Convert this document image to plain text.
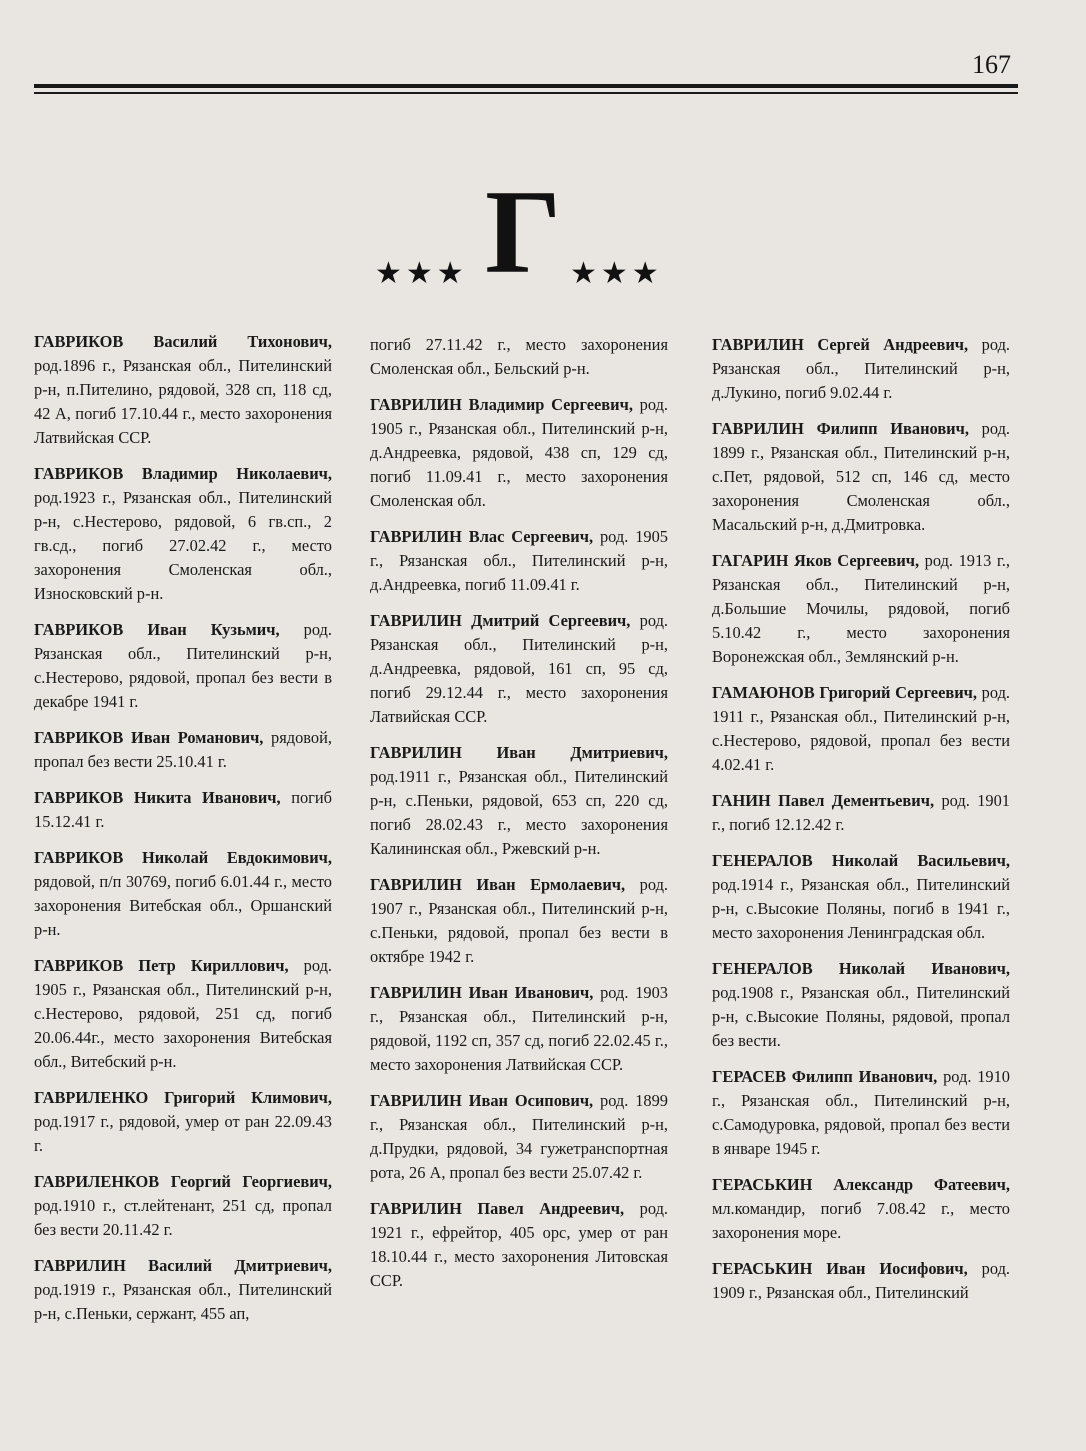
167
★★★ Г ★★★

ГАВРИКОВ Василий Тихонович, род.1896 г., Рязанская обл., Пителинский р-н, п.Пителино, рядовой, 328 сп, 118 сд, 42 А, погиб 17.10.44 г., место захоронения Латвийская ССР.

ГАВРИКОВ Владимир Николаевич, род.1923 г., Рязанская обл., Пителинский р-н, с.Нестерово, рядовой, 6 гв.сп., 2 гв.сд., погиб 27.02.42 г., место захоронения Смоленская обл., Износковский р-н.

ГАВРИКОВ Иван Кузьмич, род. Рязанская обл., Пителинский р-н, с.Нестерово, рядовой, пропал без вести в декабре 1941 г.

ГАВРИКОВ Иван Романович, рядовой, пропал без вести 25.10.41 г.

ГАВРИКОВ Никита Иванович, погиб 15.12.41 г.

ГАВРИКОВ Николай Евдокимович, рядовой, п/п 30769, погиб 6.01.44 г., место захоронения Витебская обл., Оршанский р-н.

ГАВРИКОВ Петр Кириллович, род. 1905 г., Рязанская обл., Пителинский р-н, с.Нестерово, рядовой, 251 сд, погиб 20.06.44г., место захоронения Витебская обл., Витебский р-н.

ГАВРИЛЕНКО Григорий Климович, род.1917 г., рядовой, умер от ран 22.09.43 г.

ГАВРИЛЕНКОВ Георгий Георгиевич, род.1910 г., ст.лейтенант, 251 сд, пропал без вести 20.11.42 г.

ГАВРИЛИН Василий Дмитриевич, род.1919 г., Рязанская обл., Пителинский р-н, с.Пеньки, сержант, 455 ап,

погиб 27.11.42 г., место захоронения Смоленская обл., Бельский р-н.

ГАВРИЛИН Владимир Сергеевич, род. 1905 г., Рязанская обл., Пителинский р-н, д.Андреевка, рядовой, 438 сп, 129 сд, погиб 11.09.41 г., место захоронения Смоленская обл.

ГАВРИЛИН Влас Сергеевич, род. 1905 г., Рязанская обл., Пителинский р-н, д.Андреевка, погиб 11.09.41 г.

ГАВРИЛИН Дмитрий Сергеевич, род. Рязанская обл., Пителинский р-н, д.Андреевка, рядовой, 161 сп, 95 сд, погиб 29.12.44 г., место захоронения Латвийская ССР.

ГАВРИЛИН Иван Дмитриевич, род.1911 г., Рязанская обл., Пителинский р-н, с.Пеньки, рядовой, 653 сп, 220 сд, погиб 28.02.43 г., место захоронения Калининская обл., Ржевский р-н.

ГАВРИЛИН Иван Ермолаевич, род. 1907 г., Рязанская обл., Пителинский р-н, с.Пеньки, рядовой, пропал без вести в октябре 1942 г.

ГАВРИЛИН Иван Иванович, род. 1903 г., Рязанская обл., Пителинский р-н, рядовой, 1192 сп, 357 сд, погиб 22.02.45 г., место захоронения Латвийская ССР.

ГАВРИЛИН Иван Осипович, род. 1899 г., Рязанская обл., Пителинский р-н, д.Прудки, рядовой, 34 гужетранспортная рота, 26 А, пропал без вести 25.07.42 г.

ГАВРИЛИН Павел Андреевич, род. 1921 г., ефрейтор, 405 орс, умер от ран 18.10.44 г., место захоронения Литовская ССР.

ГАВРИЛИН Сергей Андреевич, род. Рязанская обл., Пителинский р-н, д.Лукино, погиб 9.02.44 г.

ГАВРИЛИН Филипп Иванович, род. 1899 г., Рязанская обл., Пителинский р-н, с.Пет, рядовой, 512 сп, 146 сд, место захоронения Смоленская обл., Масальский р-н, д.Дмитровка.

ГАГАРИН Яков Сергеевич, род. 1913 г., Рязанская обл., Пителинский р-н, д.Большие Мочилы, рядовой, погиб 5.10.42 г., место захоронения Воронежская обл., Землянский р-н.

ГАМАЮНОВ Григорий Сергеевич, род. 1911 г., Рязанская обл., Пителинский р-н, с.Нестерово, рядовой, пропал без вести 4.02.41 г.

ГАНИН Павел Дементьевич, род. 1901 г., погиб 12.12.42 г.

ГЕНЕРАЛОВ Николай Васильевич, род.1914 г., Рязанская обл., Пителинский р-н, с.Высокие Поляны, погиб в 1941 г., место захоронения Ленинградская обл.

ГЕНЕРАЛОВ Николай Иванович, род.1908 г., Рязанская обл., Пителинский р-н, с.Высокие Поляны, рядовой, пропал без вести.

ГЕРАСЕВ Филипп Иванович, род. 1910 г., Рязанская обл., Пителинский р-н, с.Самодуровка, рядовой, пропал без вести в январе 1945 г.

ГЕРАСЬКИН Александр Фатеевич, мл.командир, погиб 7.08.42 г., место захоронения море.

ГЕРАСЬКИН Иван Иосифович, род. 1909 г., Рязанская обл., Пителинский
